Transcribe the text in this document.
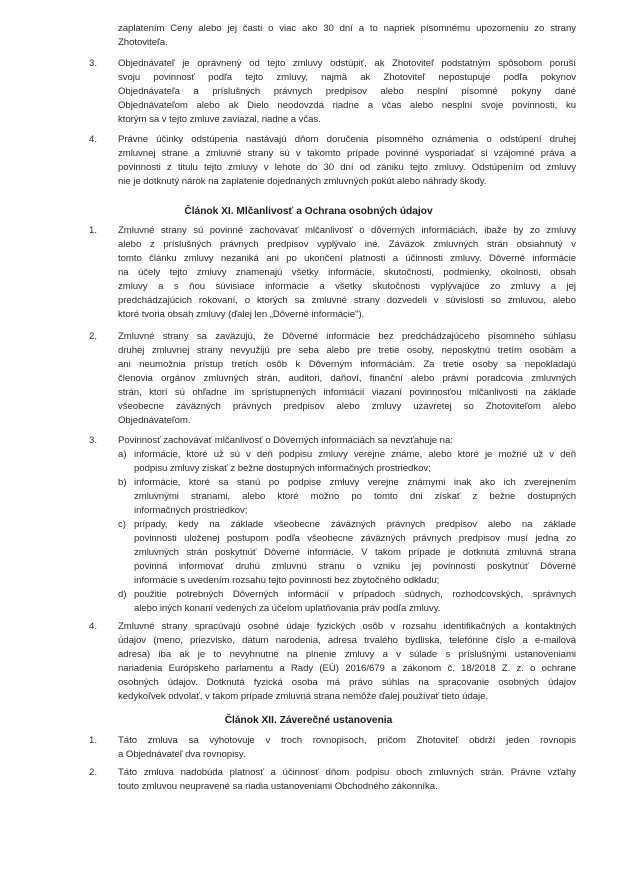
zaplatením Ceny alebo jej časti o viac ako 30 dní a to napriek písomnému upozorneniu zo strany
Zhotoviteľa.
3. Objednávateľ je oprávnený od tejto zmluvy odstúpiť, ak Zhotoviteľ podstatným spôsobom poruší
svoju povinnosť podľa tejto zmluvy, najmä ak Zhotoviteľ nepostupuje podľa pokynov
Objednávateľa a príslušných právnych predpisov alebo nesplní písomné pokyny dané
Objednávateľom alebo ak Dielo neodovzdá riadne a včas alebo nesplní svoje povinnosti, ku
ktorým sa v tejto zmluve zaviazal, riadne a včas.
4. Právne účinky odstúpenia nastávajú dňom doručenia písomného oznámenia o odstúpení druhej
zmluvnej strane a zmluvné strany sú v takomto prípade povinné vysporiadať si vzájomné práva a
povinnosti z titulu tejto zmluvy v lehote do 30 dní od zániku tejto zmluvy. Odstúpením od zmluvy
nie je dotknutý nárok na zaplatenie dojednaných zmluvných pokút alebo náhrady škody.
Článok XI. Mlčanlivosť a Ochrana osobných údajov
1. Zmluvné strany sú povinné zachovávať mlčanlivosť o dôverných informáciách, ibaže by zo zmluvy
alebo z príslušných právnych predpisov vyplývalo iné. Záväzok zmluvných strán obsiahnutý v
tomto článku zmluvy nezaniká ani po ukončení platnosti a účinnosti zmluvy. Dôverné informácie
na účely tejto zmluvy znamenajú všetky informácie, skutočnosti, podmienky, okolnosti, obsah
zmluvy a s ňou súvisiace informácie a všetky skutočnosti vyplývajúce zo zmluvy a jej
predchádzajúcich rokovaní, o ktorých sa zmluvné strany dozvedeli v súvislosti so zmluvou, alebo
ktoré tvoria obsah zmluvy (ďalej len „Dôverné informácie").
2. Zmluvné strany sa zaväzujú, že Dôverné informácie bez predchádzajúceho písomného súhlasu
druhej zmluvnej strany nevyužijú pre seba alebo pre tretie osoby, neposkytnú tretím osobám a
ani neumožnia prístup tretích osôb k Dôverným informáciám. Za tretie osoby sa nepokladajú
členovia orgánov zmluvných strán, auditori, daňoví, finanční alebo právni poradcovia zmluvných
strán, ktorí sú ohľadne im sprístupnených informácií viazaní povinnosťou mlčanlivosti na základe
všeobecne záväzných právnych predpisov alebo zmluvy uzavretej so Zhotoviteľom alebo
Objednávateľom.
3. Povinnosť zachovávať mlčanlivosť o Dôverných informáciách sa nevzťahuje na:
a) informácie, ktoré už sú v deň podpisu zmluvy verejne známe, alebo ktoré je možné už v deň
podpisu zmluvy získať z bežne dostupných informačných prostriedkov;
b) informácie, ktoré sa stanú po podpise zmluvy verejne známymi inak ako ich zverejnením
zmluvnými stranami, alebo ktoré možno po tomto dni získať z bežne dostupných
informačných prostriedkov;
c) prípady, kedy na základe všeobecne záväzných právnych predpisov alebo na základe
povinnosti uloženej postupom podľa všeobecne záväzných právnych predpisov musí jedna zo
zmluvných strán poskytnúť Dôverné informácie. V takom prípade je dotknutá zmluvná strana
povinná informovať druhú zmluvnú stranu o vzniku jej povinnosti poskytnúť Dôverné
informácie s uvedením rozsahu tejto povinnosti bez zbytočného odkladu;
d) použitie potrebných Dôverných informácií v prípadoch súdnych, rozhodcovských, správnych
alebo iných konaní vedených za účelom uplatňovania práv podľa zmluvy.
4. Zmluvné strany spracúvajú osobné údaje fyzických osôb v rozsahu identifikačných a kontaktných
údajov (meno, priezvisko, dátum narodenia, adresa trvalého bydliska, telefónne číslo a e-mailová
adresa) iba ak je to nevyhnutné na plnenie zmluvy a v súlade s príslušnými ustanoveniami
nariadenia Európskeho parlamentu a Rady (EÚ) 2016/679 a zákonom č. 18/2018 Z. z. o ochrane
osobných údajov. Dotknutá fyzická osoba má právo súhlas na spracovanie osobných údajov
kedykoľvek odvolať, v takom prípade zmluvná strana nemôže ďalej používať tieto údaje.
Článok XII. Záverečné ustanovenia
1. Táto zmluva sa vyhotovuje v troch rovnopisoch, pričom Zhotoviteľ obdrží jeden rovnopis
a Objednávateľ dva rovnopisy.
2. Táto zmluva nadobúda platnosť a účinnosť dňom podpisu oboch zmluvných strán. Právne vzťahy
touto zmluvou neupravené sa riadia ustanoveniami Obchodného zákonníka.
